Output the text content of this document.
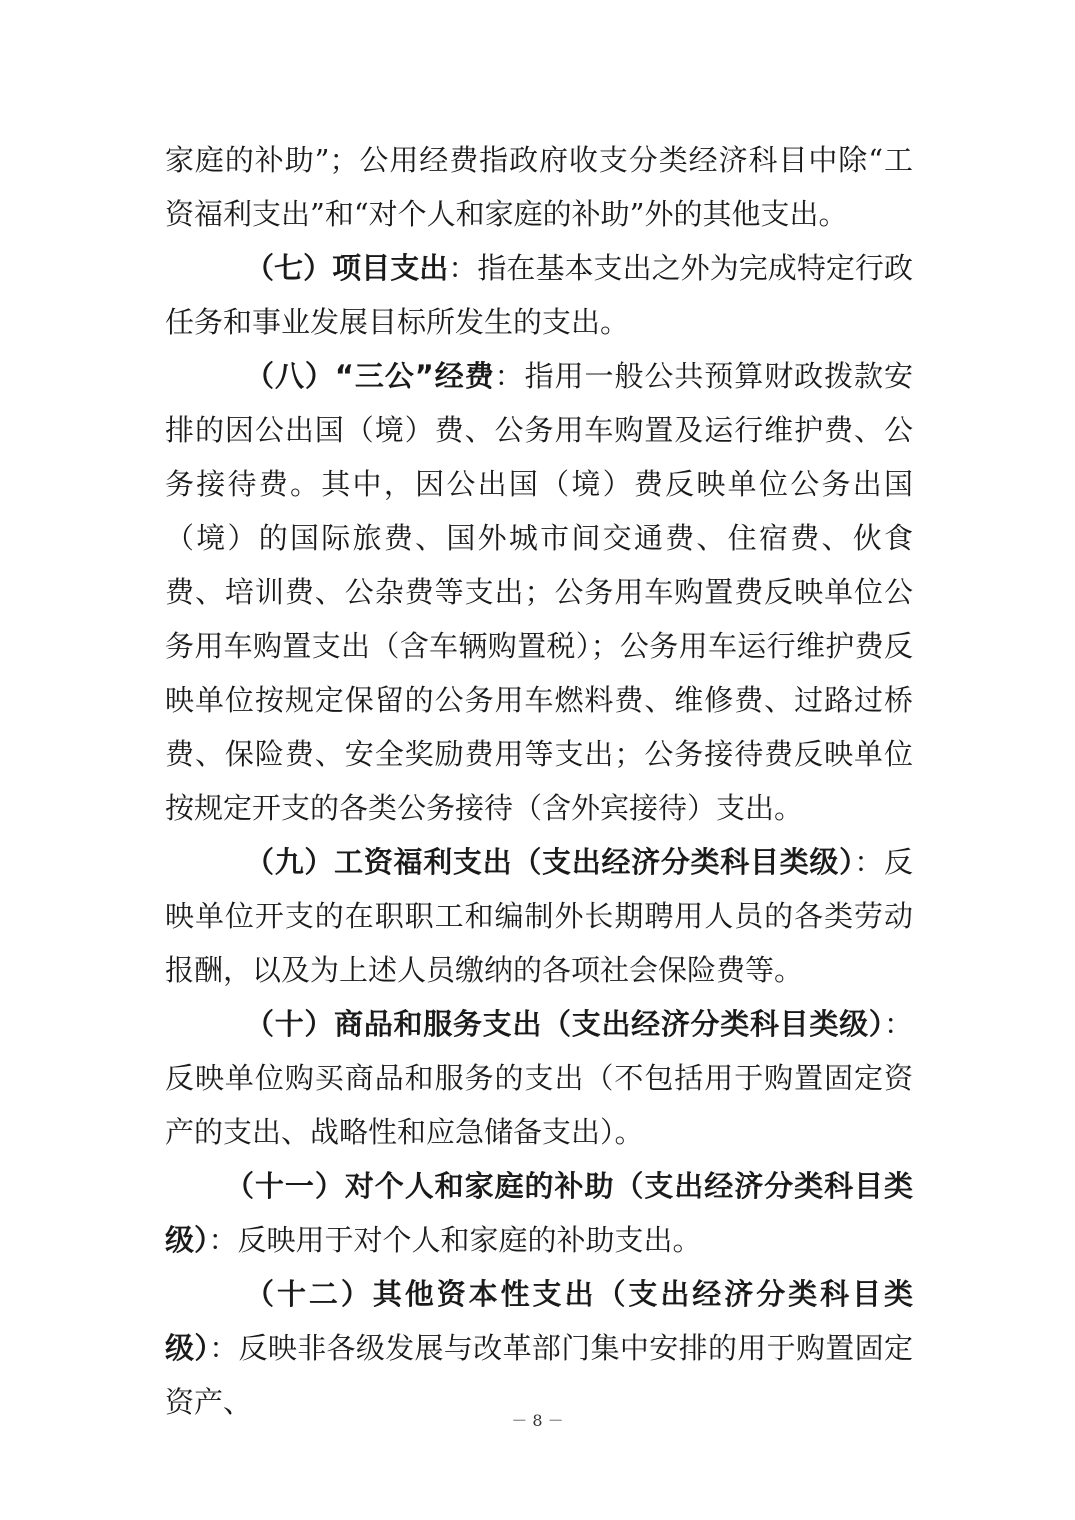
家庭的补助”；公用经费指政府收支分类经济科目中除“工资福利支出”和“对个人和家庭的补助”外的其他支出。

（七）项目支出：指在基本支出之外为完成特定行政任务和事业发展目标所发生的支出。

（八）“三公”经费：指用一般公共预算财政拨款安排的因公出国（境）费、公务用车购置及运行维护费、公务接待费。其中，因公出国（境）费反映单位公务出国（境）的国际旅费、国外城市间交通费、住宿费、伙食费、培训费、公杂费等支出；公务用车购置费反映单位公务用车购置支出（含车辆购置税）；公务用车运行维护费反映单位按规定保留的公务用车燃料费、维修费、过路过桥费、保险费、安全奖励费用等支出；公务接待费反映单位按规定开支的各类公务接待（含外宾接待）支出。

（九）工资福利支出（支出经济分类科目类级）：反映单位开支的在职职工和编制外长期聘用人员的各类劳动报酬，以及为上述人员缴纳的各项社会保险费等。

（十）商品和服务支出（支出经济分类科目类级）：反映单位购买商品和服务的支出（不包括用于购置固定资产的支出、战略性和应急储备支出）。

（十一）对个人和家庭的补助（支出经济分类科目类级）：反映用于对个人和家庭的补助支出。

（十二）其他资本性支出（支出经济分类科目类级）：反映非各级发展与改革部门集中安排的用于购置固定资产、

－ 8 －
